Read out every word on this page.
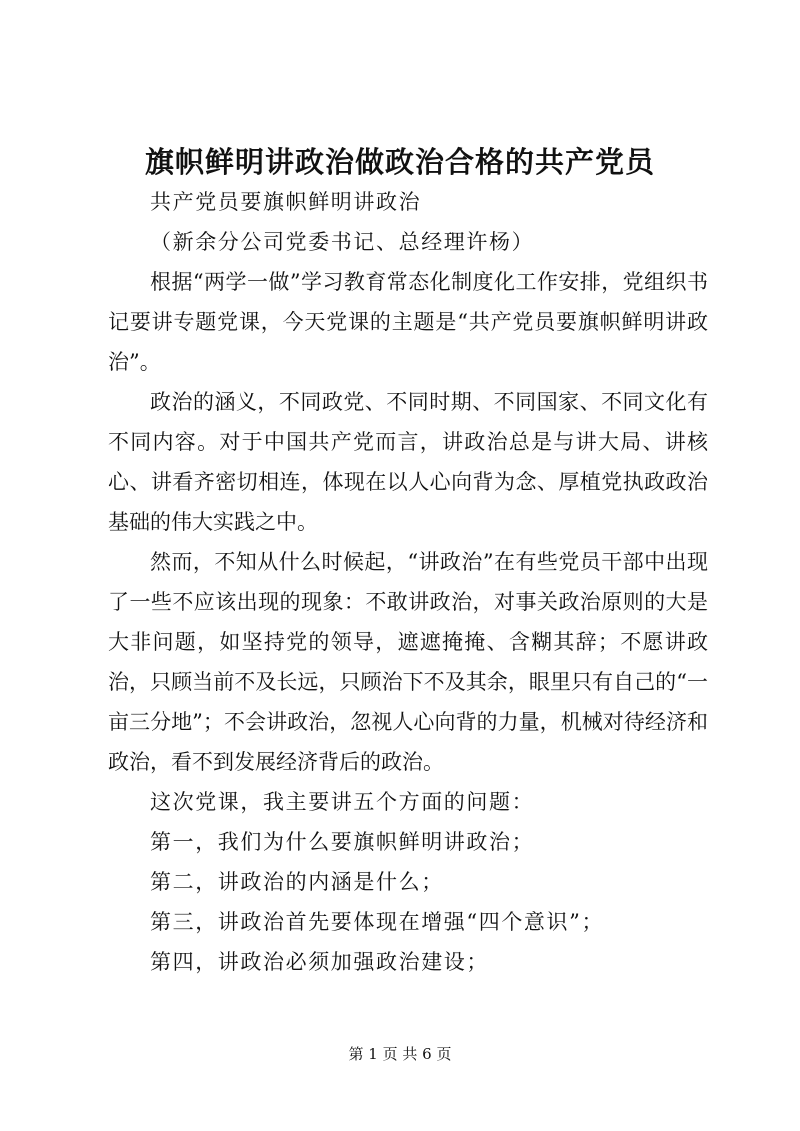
旗帜鲜明讲政治做政治合格的共产党员

共产党员要旗帜鲜明讲政治

（新余分公司党委书记、总经理许杨）

根据“两学一做”学习教育常态化制度化工作安排，党组织书记要讲专题党课，今天党课的主题是“共产党员要旗帜鲜明讲政治”。

政治的涵义，不同政党、不同时期、不同国家、不同文化有不同内容。对于中国共产党而言，讲政治总是与讲大局、讲核心、讲看齐密切相连，体现在以人心向背为念、厚植党执政政治基础的伟大实践之中。

然而，不知从什么时候起，“讲政治”在有些党员干部中出现了一些不应该出现的现象：不敢讲政治，对事关政治原则的大是大非问题，如坚持党的领导，遮遮掩掩、含糊其辞；不愿讲政治，只顾当前不及长远，只顾治下不及其余，眼里只有自己的“一亩三分地”；不会讲政治，忽视人心向背的力量，机械对待经济和政治，看不到发展经济背后的政治。

这次党课，我主要讲五个方面的问题：

第一，我们为什么要旗帜鲜明讲政治；

第二，讲政治的内涵是什么；

第三，讲政治首先要体现在增强“四个意识”；

第四，讲政治必须加强政治建设；

第 1 页 共 6 页
